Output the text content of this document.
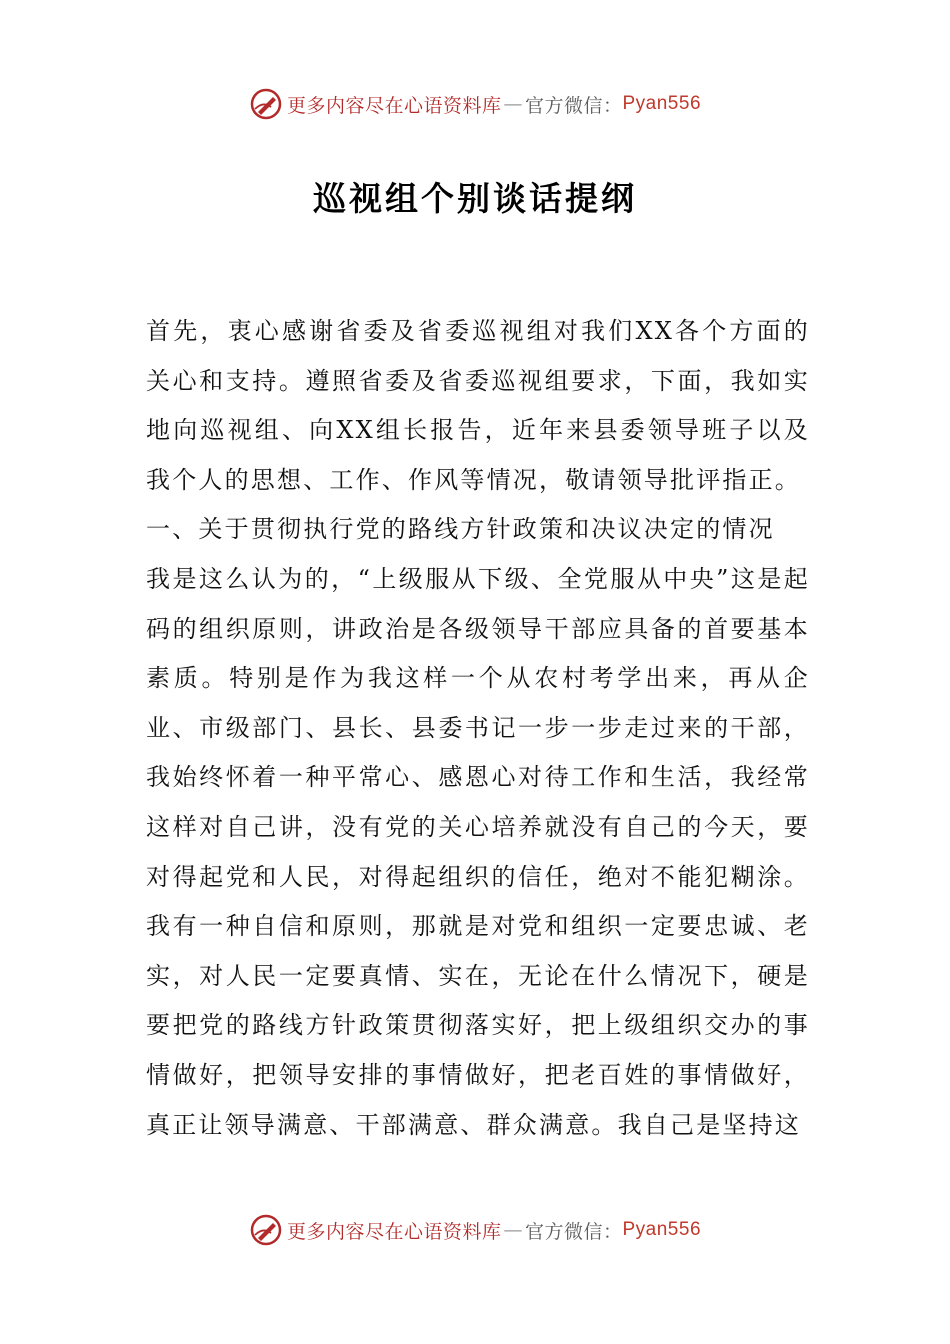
更多内容尽在心语资料库 — 官方微信： Pyan556
巡视组个别谈话提纲

首先，衷心感谢省委及省委巡视组对我们XX各个方面的关心和支持。遵照省委及省委巡视组要求，下面，我如实地向巡视组、向XX组长报告，近年来县委领导班子以及我个人的思想、工作、作风等情况，敬请领导批评指正。

一、关于贯彻执行党的路线方针政策和决议决定的情况

我是这么认为的，“上级服从下级、全党服从中央”这是起码的组织原则，讲政治是各级领导干部应具备的首要基本素质。特别是作为我这样一个从农村考学出来，再从企业、市级部门、县长、县委书记一步一步走过来的干部，我始终怀着一种平常心、感恩心对待工作和生活，我经常这样对自己讲，没有党的关心培养就没有自己的今天，要对得起党和人民，对得起组织的信任，绝对不能犯糊涂。我有一种自信和原则，那就是对党和组织一定要忠诚、老实，对人民一定要真情、实在，无论在什么情况下，硬是要把党的路线方针政策贯彻落实好，把上级组织交办的事情做好，把领导安排的事情做好，把老百姓的事情做好，真正让领导满意、干部满意、群众满意。我自己是坚持这

更多内容尽在心语资料库 — 官方微信： Pyan556
